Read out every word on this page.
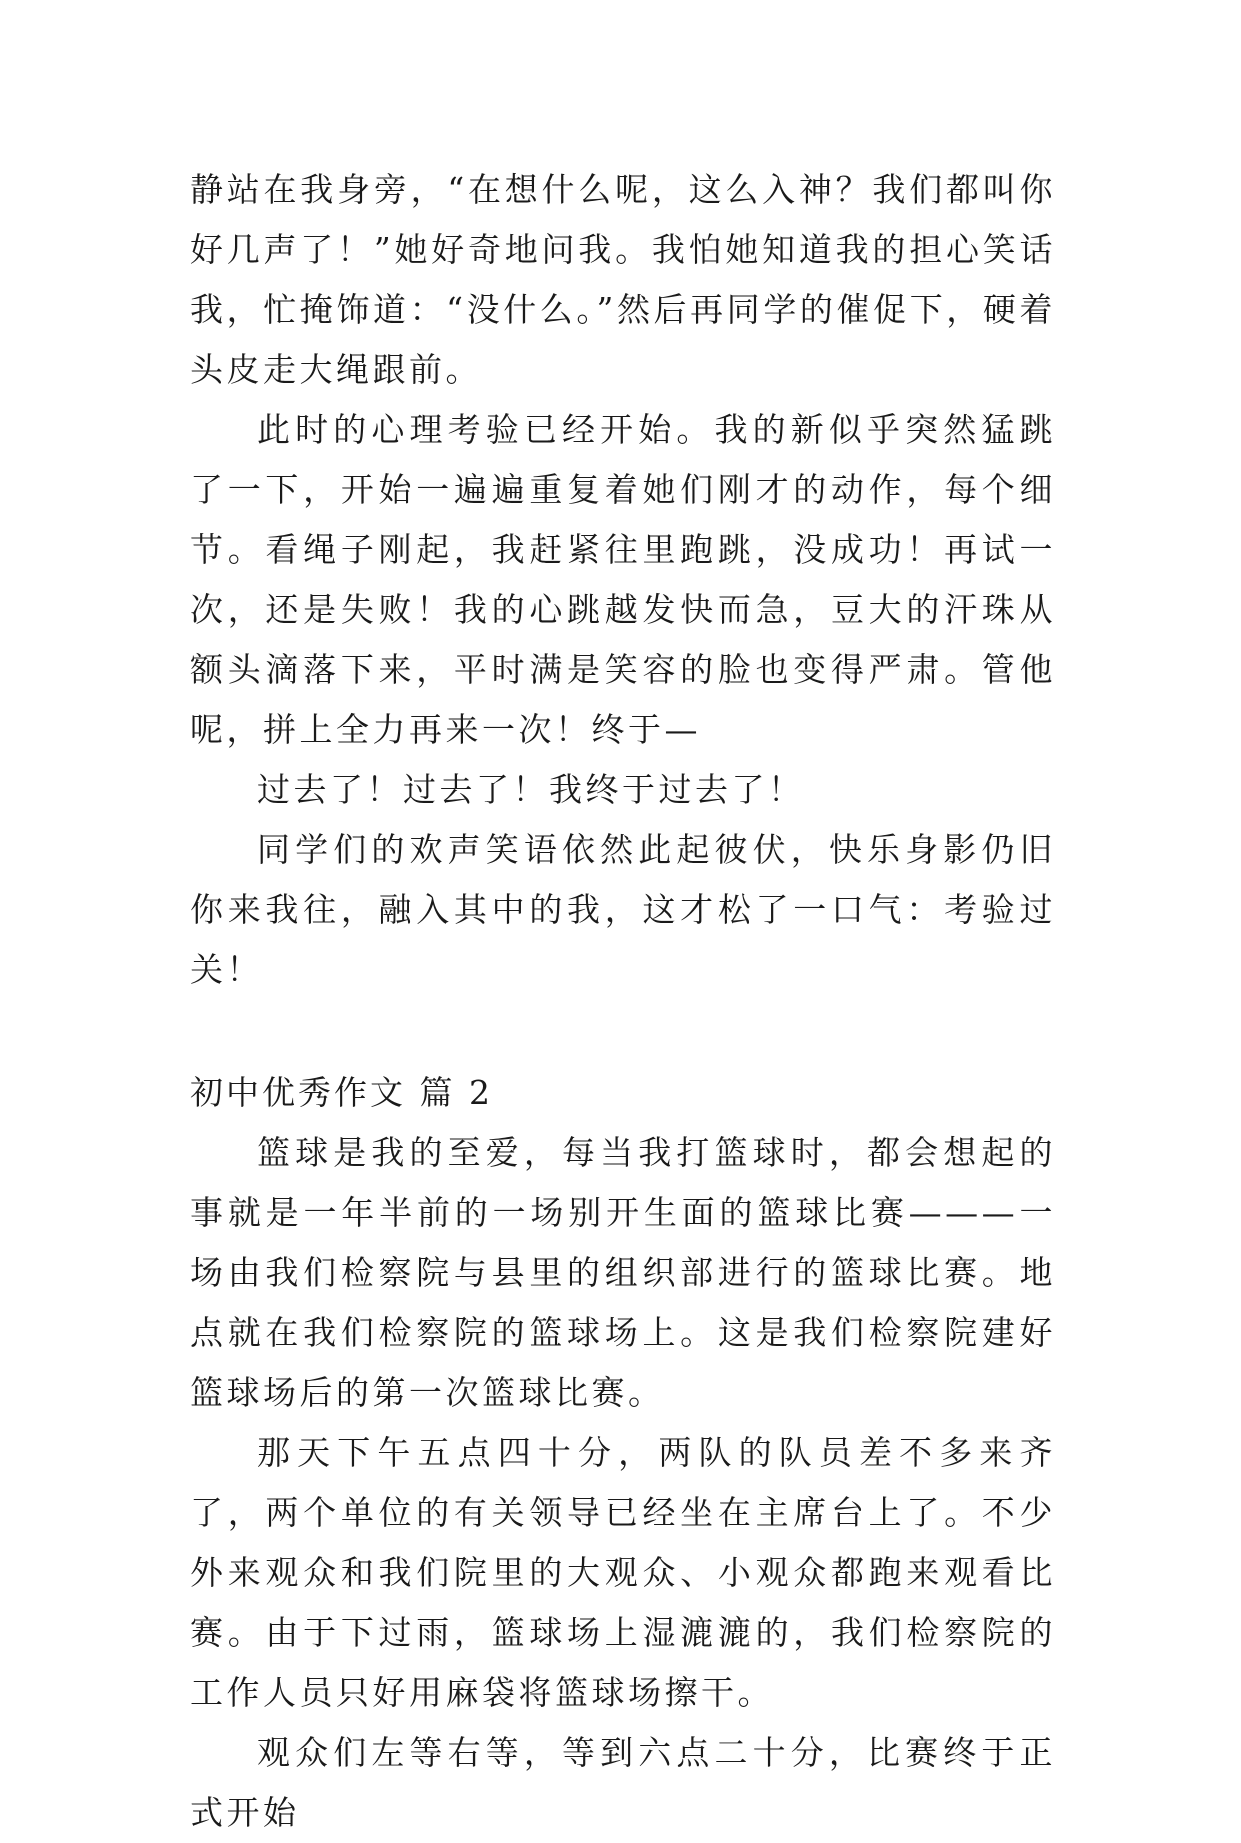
静站在我身旁，“在想什么呢，这么入神？我们都叫你好几声了！”她好奇地问我。我怕她知道我的担心笑话我，忙掩饰道：“没什么。”然后再同学的催促下，硬着头皮走大绳跟前。

此时的心理考验已经开始。我的新似乎突然猛跳了一下，开始一遍遍重复着她们刚才的动作，每个细节。看绳子刚起，我赶紧往里跑跳，没成功！再试一次，还是失败！我的心跳越发快而急，豆大的汗珠从额头滴落下来，平时满是笑容的脸也变得严肃。管他呢，拼上全力再来一次！终于—

过去了！过去了！我终于过去了！

同学们的欢声笑语依然此起彼伏，快乐身影仍旧你来我往，融入其中的我，这才松了一口气：考验过关！

初中优秀作文 篇 2

篮球是我的至爱，每当我打篮球时，都会想起的事就是一年半前的一场别开生面的篮球比赛———一场由我们检察院与县里的组织部进行的篮球比赛。地点就在我们检察院的篮球场上。这是我们检察院建好篮球场后的第一次篮球比赛。

那天下午五点四十分，两队的队员差不多来齐了，两个单位的有关领导已经坐在主席台上了。不少外来观众和我们院里的大观众、小观众都跑来观看比赛。由于下过雨，篮球场上湿漉漉的，我们检察院的工作人员只好用麻袋将篮球场擦干。

观众们左等右等，等到六点二十分，比赛终于正式开始
